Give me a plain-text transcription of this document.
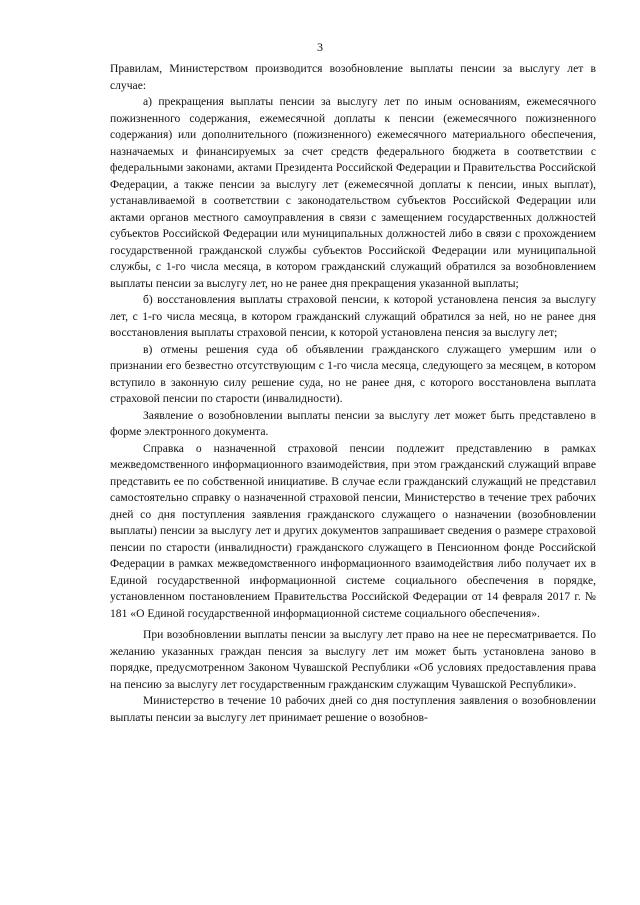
3

Правилам, Министерством производится возобновление выплаты пенсии за выслугу лет в случае:

а) прекращения выплаты пенсии за выслугу лет по иным основаниям, ежемесячного пожизненного содержания, ежемесячной доплаты к пенсии (ежемесячного пожизненного содержания) или дополнительного (пожизненного) ежемесячного материального обеспечения, назначаемых и финансируемых за счет средств федерального бюджета в соответствии с федеральными законами, актами Президента Российской Федерации и Правительства Российской Федерации, а также пенсии за выслугу лет (ежемесячной доплаты к пенсии, иных выплат), устанавливаемой в соответствии с законодательством субъектов Российской Федерации или актами органов местного самоуправления в связи с замещением государственных должностей субъектов Российской Федерации или муниципальных должностей либо в связи с прохождением государственной гражданской службы субъектов Российской Федерации или муниципальной службы, с 1-го числа месяца, в котором гражданский служащий обратился за возобновлением выплаты пенсии за выслугу лет, но не ранее дня прекращения указанной выплаты;

б) восстановления выплаты страховой пенсии, к которой установлена пенсия за выслугу лет, с 1-го числа месяца, в котором гражданский служащий обратился за ней, но не ранее дня восстановления выплаты страховой пенсии, к которой установлена пенсия за выслугу лет;

в) отмены решения суда об объявлении гражданского служащего умершим или о признании его безвестно отсутствующим с 1-го числа месяца, следующего за месяцем, в котором вступило в законную силу решение суда, но не ранее дня, с которого восстановлена выплата страховой пенсии по старости (инвалидности).

Заявление о возобновлении выплаты пенсии за выслугу лет может быть представлено в форме электронного документа.

Справка о назначенной страховой пенсии подлежит представлению в рамках межведомственного информационного взаимодействия, при этом гражданский служащий вправе представить ее по собственной инициативе. В случае если гражданский служащий не представил самостоятельно справку о назначенной страховой пенсии, Министерство в течение трех рабочих дней со дня поступления заявления гражданского служащего о назначении (возобновлении выплаты) пенсии за выслугу лет и других документов запрашивает сведения о размере страховой пенсии по старости (инвалидности) гражданского служащего в Пенсионном фонде Российской Федерации в рамках межведомственного информационного взаимодействия либо получает их в Единой государственной информационной системе социального обеспечения в порядке, установленном постановлением Правительства Российской Федерации от 14 февраля 2017 г. № 181 «О Единой государственной информационной системе социального обеспечения».

При возобновлении выплаты пенсии за выслугу лет право на нее не пересматривается. По желанию указанных граждан пенсия за выслугу лет им может быть установлена заново в порядке, предусмотренном Законом Чувашской Республики «Об условиях предоставления права на пенсию за выслугу лет государственным гражданским служащим Чувашской Республики».

Министерство в течение 10 рабочих дней со дня поступления заявления о возобновлении выплаты пенсии за выслугу лет принимает решение о возобнов-
